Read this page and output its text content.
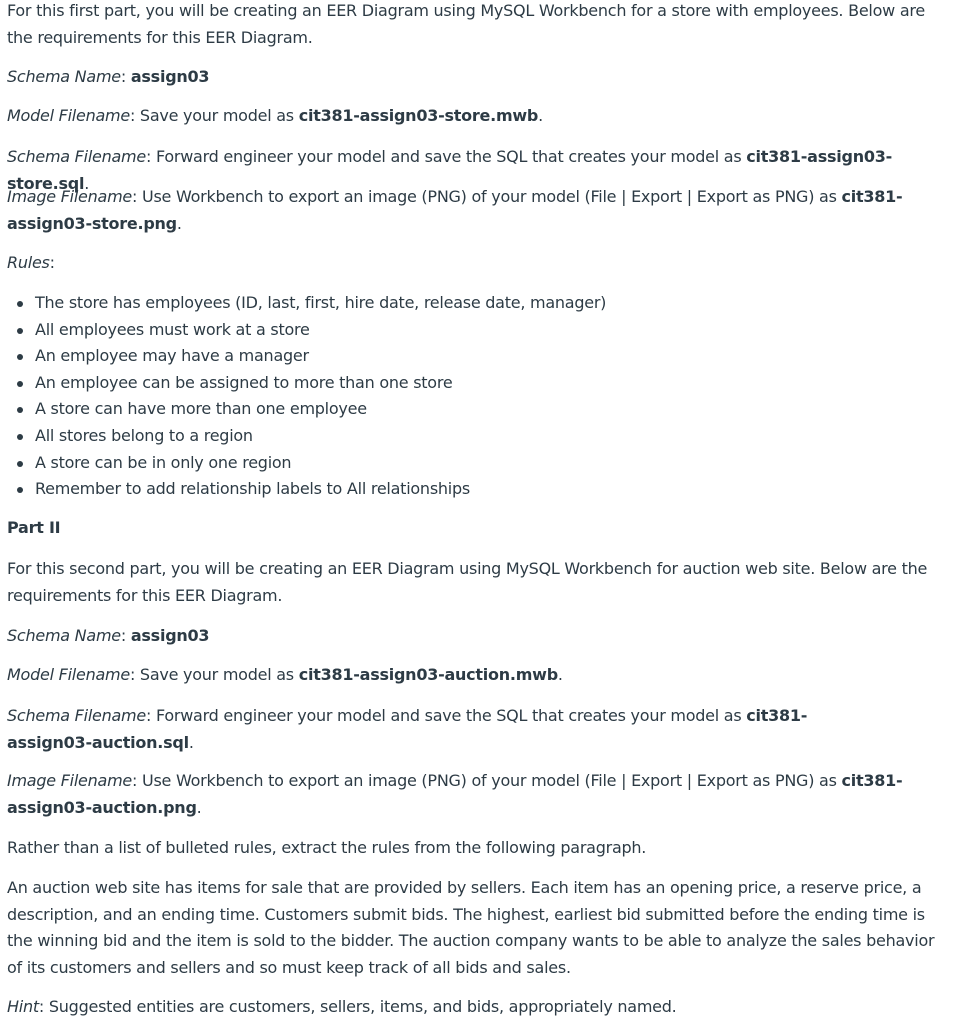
For this first part, you will be creating an EER Diagram using MySQL Workbench for a store with employees. Below are the requirements for this EER Diagram.

Schema Name: assign03

Model Filename: Save your model as cit381-assign03-store.mwb.

Schema Filename: Forward engineer your model and save the SQL that creates your model as cit381-assign03-store.sql.

Image Filename: Use Workbench to export an image (PNG) of your model (File | Export | Export as PNG) as cit381-assign03-store.png.

Rules:

The store has employees (ID, last, first, hire date, release date, manager)
All employees must work at a store
An employee may have a manager
An employee can be assigned to more than one store
A store can have more than one employee
All stores belong to a region
A store can be in only one region
Remember to add relationship labels to All relationships

Part II

For this second part, you will be creating an EER Diagram using MySQL Workbench for auction web site. Below are the requirements for this EER Diagram.

Schema Name: assign03

Model Filename: Save your model as cit381-assign03-auction.mwb.

Schema Filename: Forward engineer your model and save the SQL that creates your model as cit381-assign03-auction.sql.

Image Filename: Use Workbench to export an image (PNG) of your model (File | Export | Export as PNG) as cit381-assign03-auction.png.

Rather than a list of bulleted rules, extract the rules from the following paragraph.

An auction web site has items for sale that are provided by sellers. Each item has an opening price, a reserve price, a description, and an ending time. Customers submit bids. The highest, earliest bid submitted before the ending time is the winning bid and the item is sold to the bidder. The auction company wants to be able to analyze the sales behavior of its customers and sellers and so must keep track of all bids and sales.

Hint: Suggested entities are customers, sellers, items, and bids, appropriately named.
